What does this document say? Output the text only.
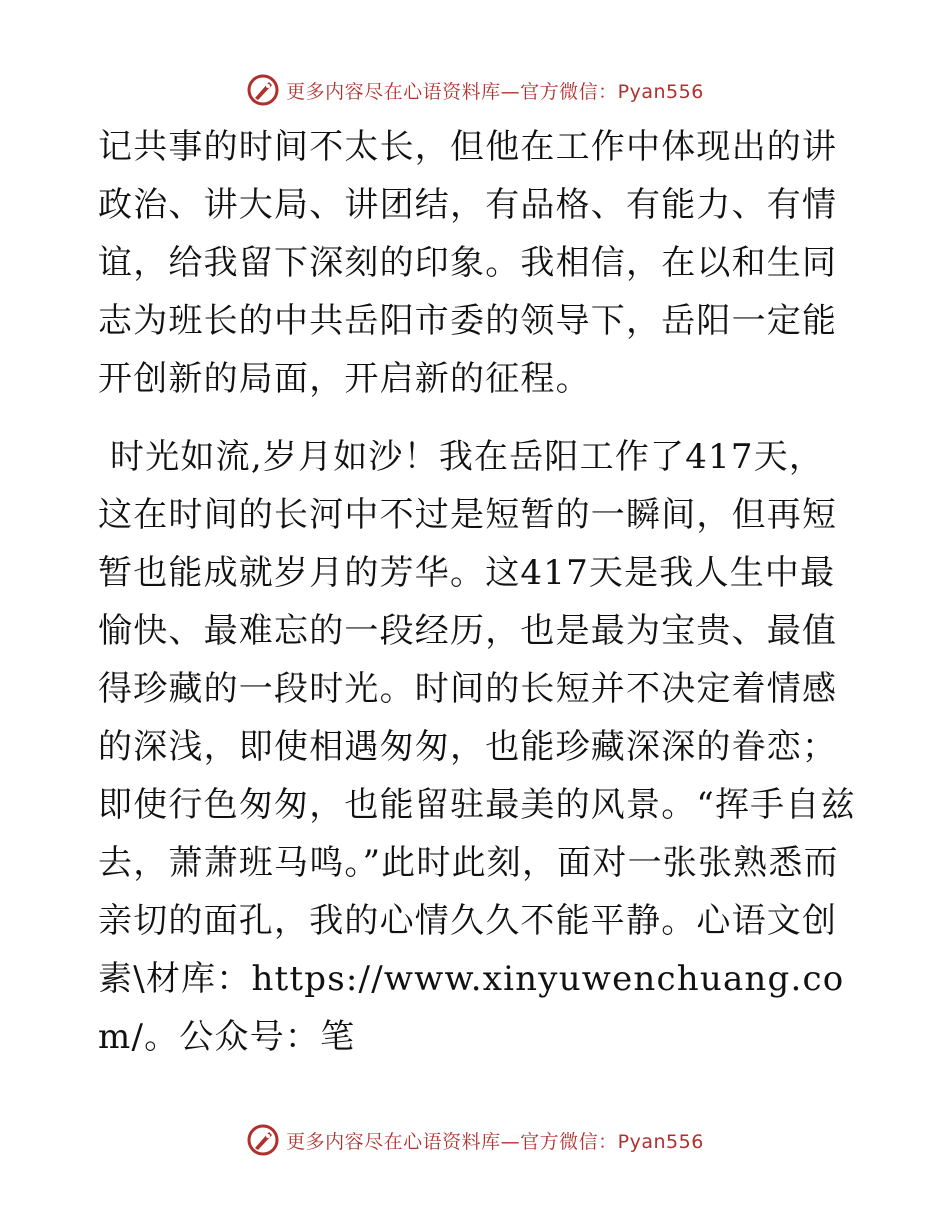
更多内容尽在心语资料库—官方微信：Pyan556

记共事的时间不太长，但他在工作中体现出的讲政治、讲大局、讲团结，有品格、有能力、有情谊，给我留下深刻的印象。我相信，在以和生同志为班长的中共岳阳市委的领导下，岳阳一定能开创新的局面，开启新的征程。

时光如流,岁月如沙！我在岳阳工作了417天，这在时间的长河中不过是短暂的一瞬间，但再短暂也能成就岁月的芳华。这417天是我人生中最愉快、最难忘的一段经历，也是最为宝贵、最值得珍藏的一段时光。时间的长短并不决定着情感的深浅，即使相遇匆匆，也能珍藏深深的眷恋；即使行色匆匆，也能留驻最美的风景。“挥手自兹去，萧萧班马鸣。”此时此刻，面对一张张熟悉而亲切的面孔，我的心情久久不能平静。心语文创素\材库：https://www.xinyuwenchuang.com/。公众号：笔

更多内容尽在心语资料库—官方微信：Pyan556
